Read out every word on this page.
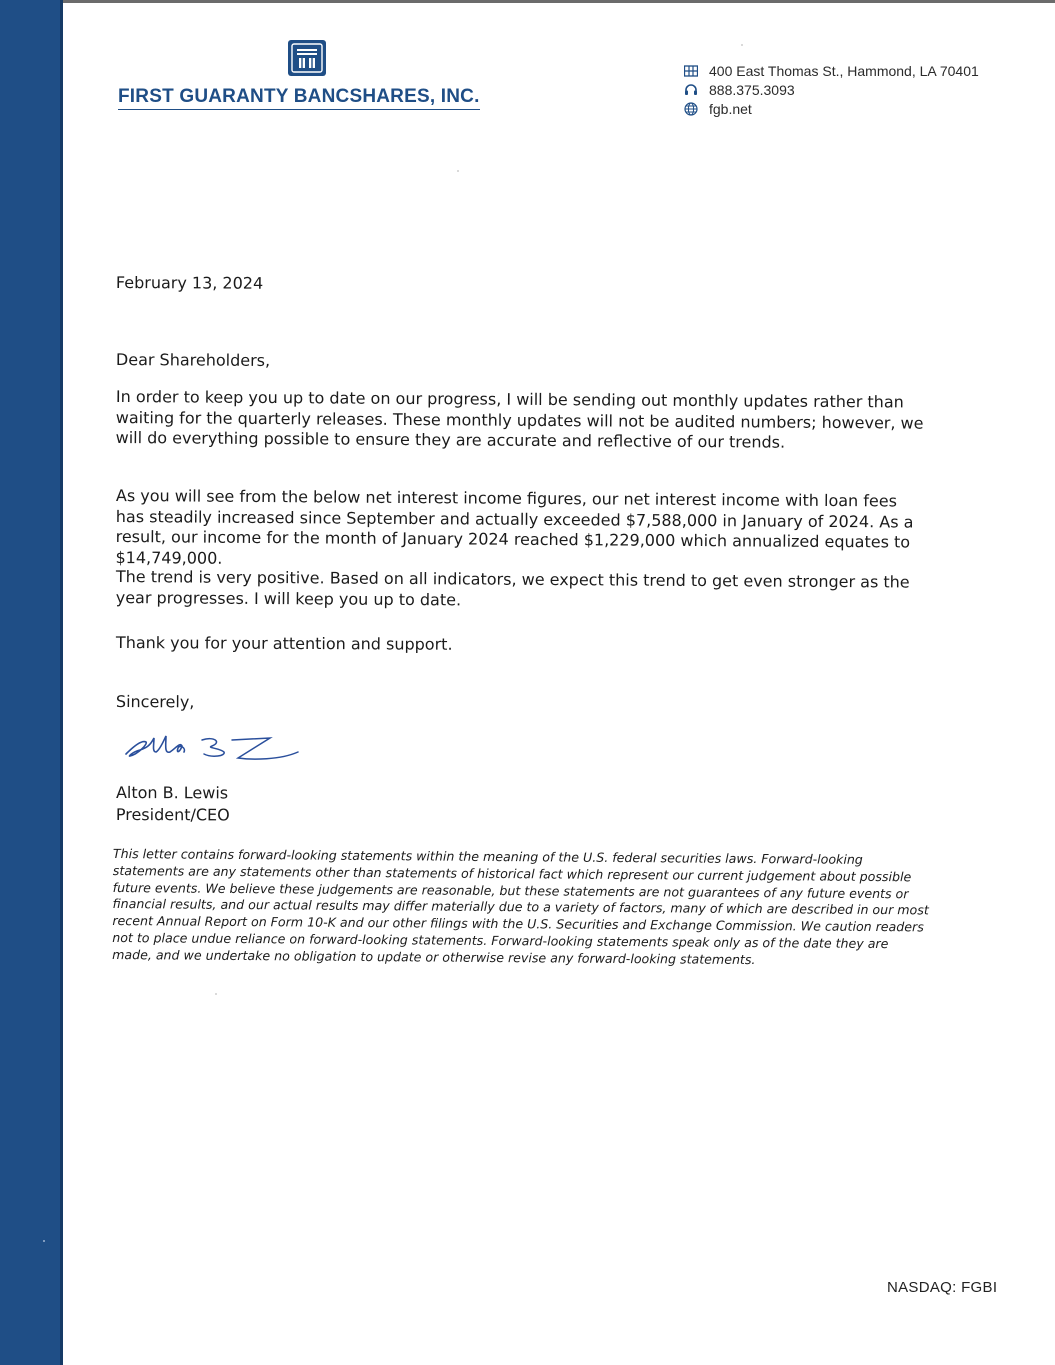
FIRST GUARANTY BANCSHARES, INC.
400 East Thomas St., Hammond, LA 70401
888.375.3093
fgb.net
February 13, 2024
Dear Shareholders,
In order to keep you up to date on our progress, I will be sending out monthly updates rather than waiting for the quarterly releases. These monthly updates will not be audited numbers; however, we will do everything possible to ensure they are accurate and reflective of our trends.
As you will see from the below net interest income figures, our net interest income with loan fees has steadily increased since September and actually exceeded $7,588,000 in January of 2024. As a result, our income for the month of January 2024 reached $1,229,000 which annualized equates to $14,749,000.
The trend is very positive. Based on all indicators, we expect this trend to get even stronger as the year progresses. I will keep you up to date.
Thank you for your attention and support.
Sincerely,
Alton B. Lewis
President/CEO
This letter contains forward-looking statements within the meaning of the U.S. federal securities laws. Forward-looking statements are any statements other than statements of historical fact which represent our current judgement about possible future events. We believe these judgements are reasonable, but these statements are not guarantees of any future events or financial results, and our actual results may differ materially due to a variety of factors, many of which are described in our most recent Annual Report on Form 10-K and our other filings with the U.S. Securities and Exchange Commission. We caution readers not to place undue reliance on forward-looking statements. Forward-looking statements speak only as of the date they are made, and we undertake no obligation to update or otherwise revise any forward-looking statements.
NASDAQ: FGBI
